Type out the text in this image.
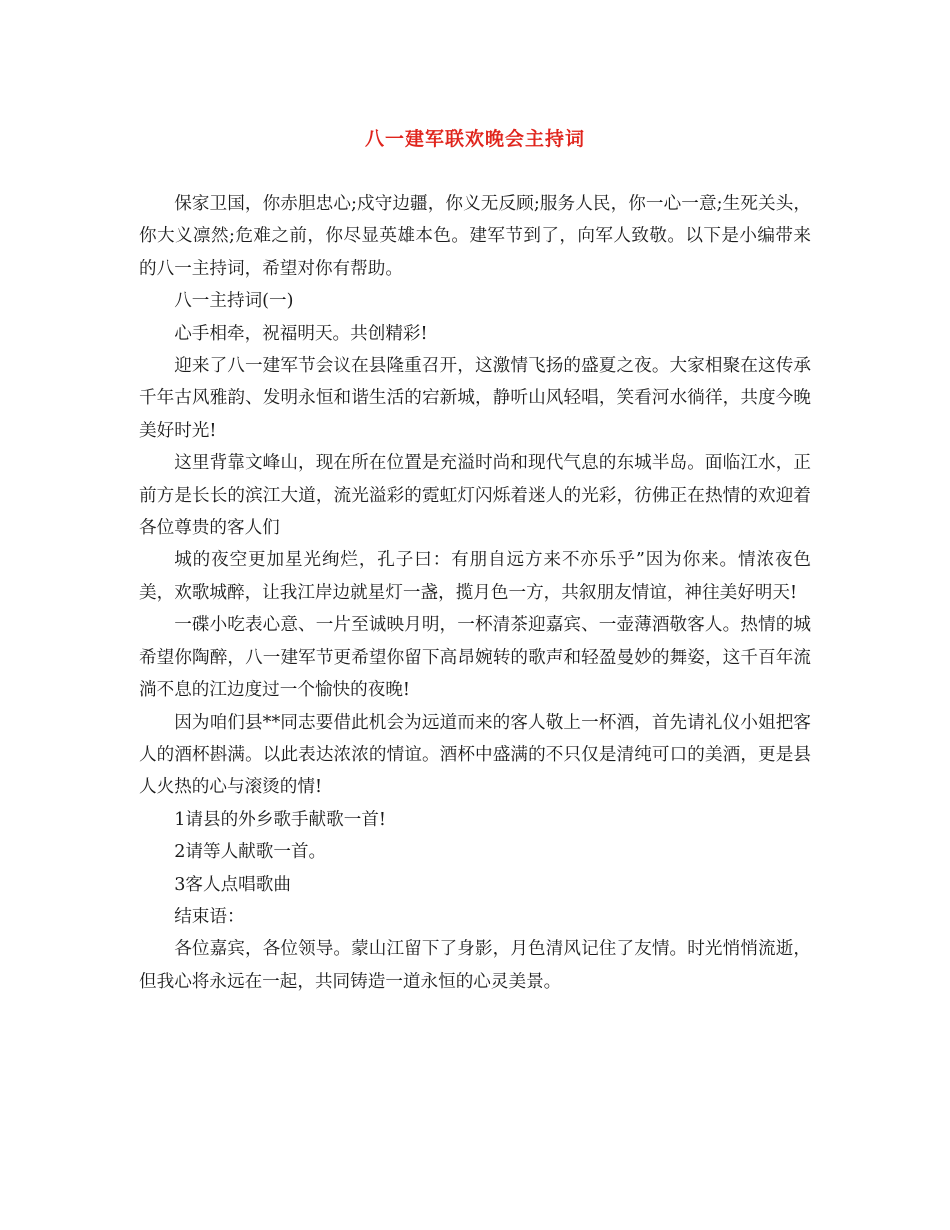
八一建军联欢晚会主持词

保家卫国，你赤胆忠心;戍守边疆，你义无反顾;服务人民，你一心一意;生死关头，你大义凛然;危难之前，你尽显英雄本色。建军节到了，向军人致敬。以下是小编带来的八一主持词，希望对你有帮助。

八一主持词(一)

心手相牵，祝福明天。共创精彩!

迎来了八一建军节会议在县隆重召开，这激情飞扬的盛夏之夜。大家相聚在这传承千年古风雅韵、发明永恒和谐生活的宕新城，静听山风轻唱，笑看河水徜徉，共度今晚美好时光!

这里背靠文峰山，现在所在位置是充溢时尚和现代气息的东城半岛。面临江水，正前方是长长的滨江大道，流光溢彩的霓虹灯闪烁着迷人的光彩，彷佛正在热情的欢迎着各位尊贵的客人们

城的夜空更加星光绚烂，孔子曰：有朋自远方来不亦乐乎”因为你来。情浓夜色美，欢歌城醉，让我江岸边就星灯一盏，揽月色一方，共叙朋友情谊，神往美好明天!

一碟小吃表心意、一片至诚映月明，一杯清茶迎嘉宾、一壶薄酒敬客人。热情的城希望你陶醉，八一建军节更希望你留下高昂婉转的歌声和轻盈曼妙的舞姿，这千百年流淌不息的江边度过一个愉快的夜晚!

因为咱们县**同志要借此机会为远道而来的客人敬上一杯酒，首先请礼仪小姐把客人的酒杯斟满。以此表达浓浓的情谊。酒杯中盛满的不只仅是清纯可口的美酒，更是县人火热的心与滚烫的情!

1请县的外乡歌手献歌一首!

2请等人献歌一首。

3客人点唱歌曲

结束语：

各位嘉宾，各位领导。蒙山江留下了身影，月色清风记住了友情。时光悄悄流逝，但我心将永远在一起，共同铸造一道永恒的心灵美景。
